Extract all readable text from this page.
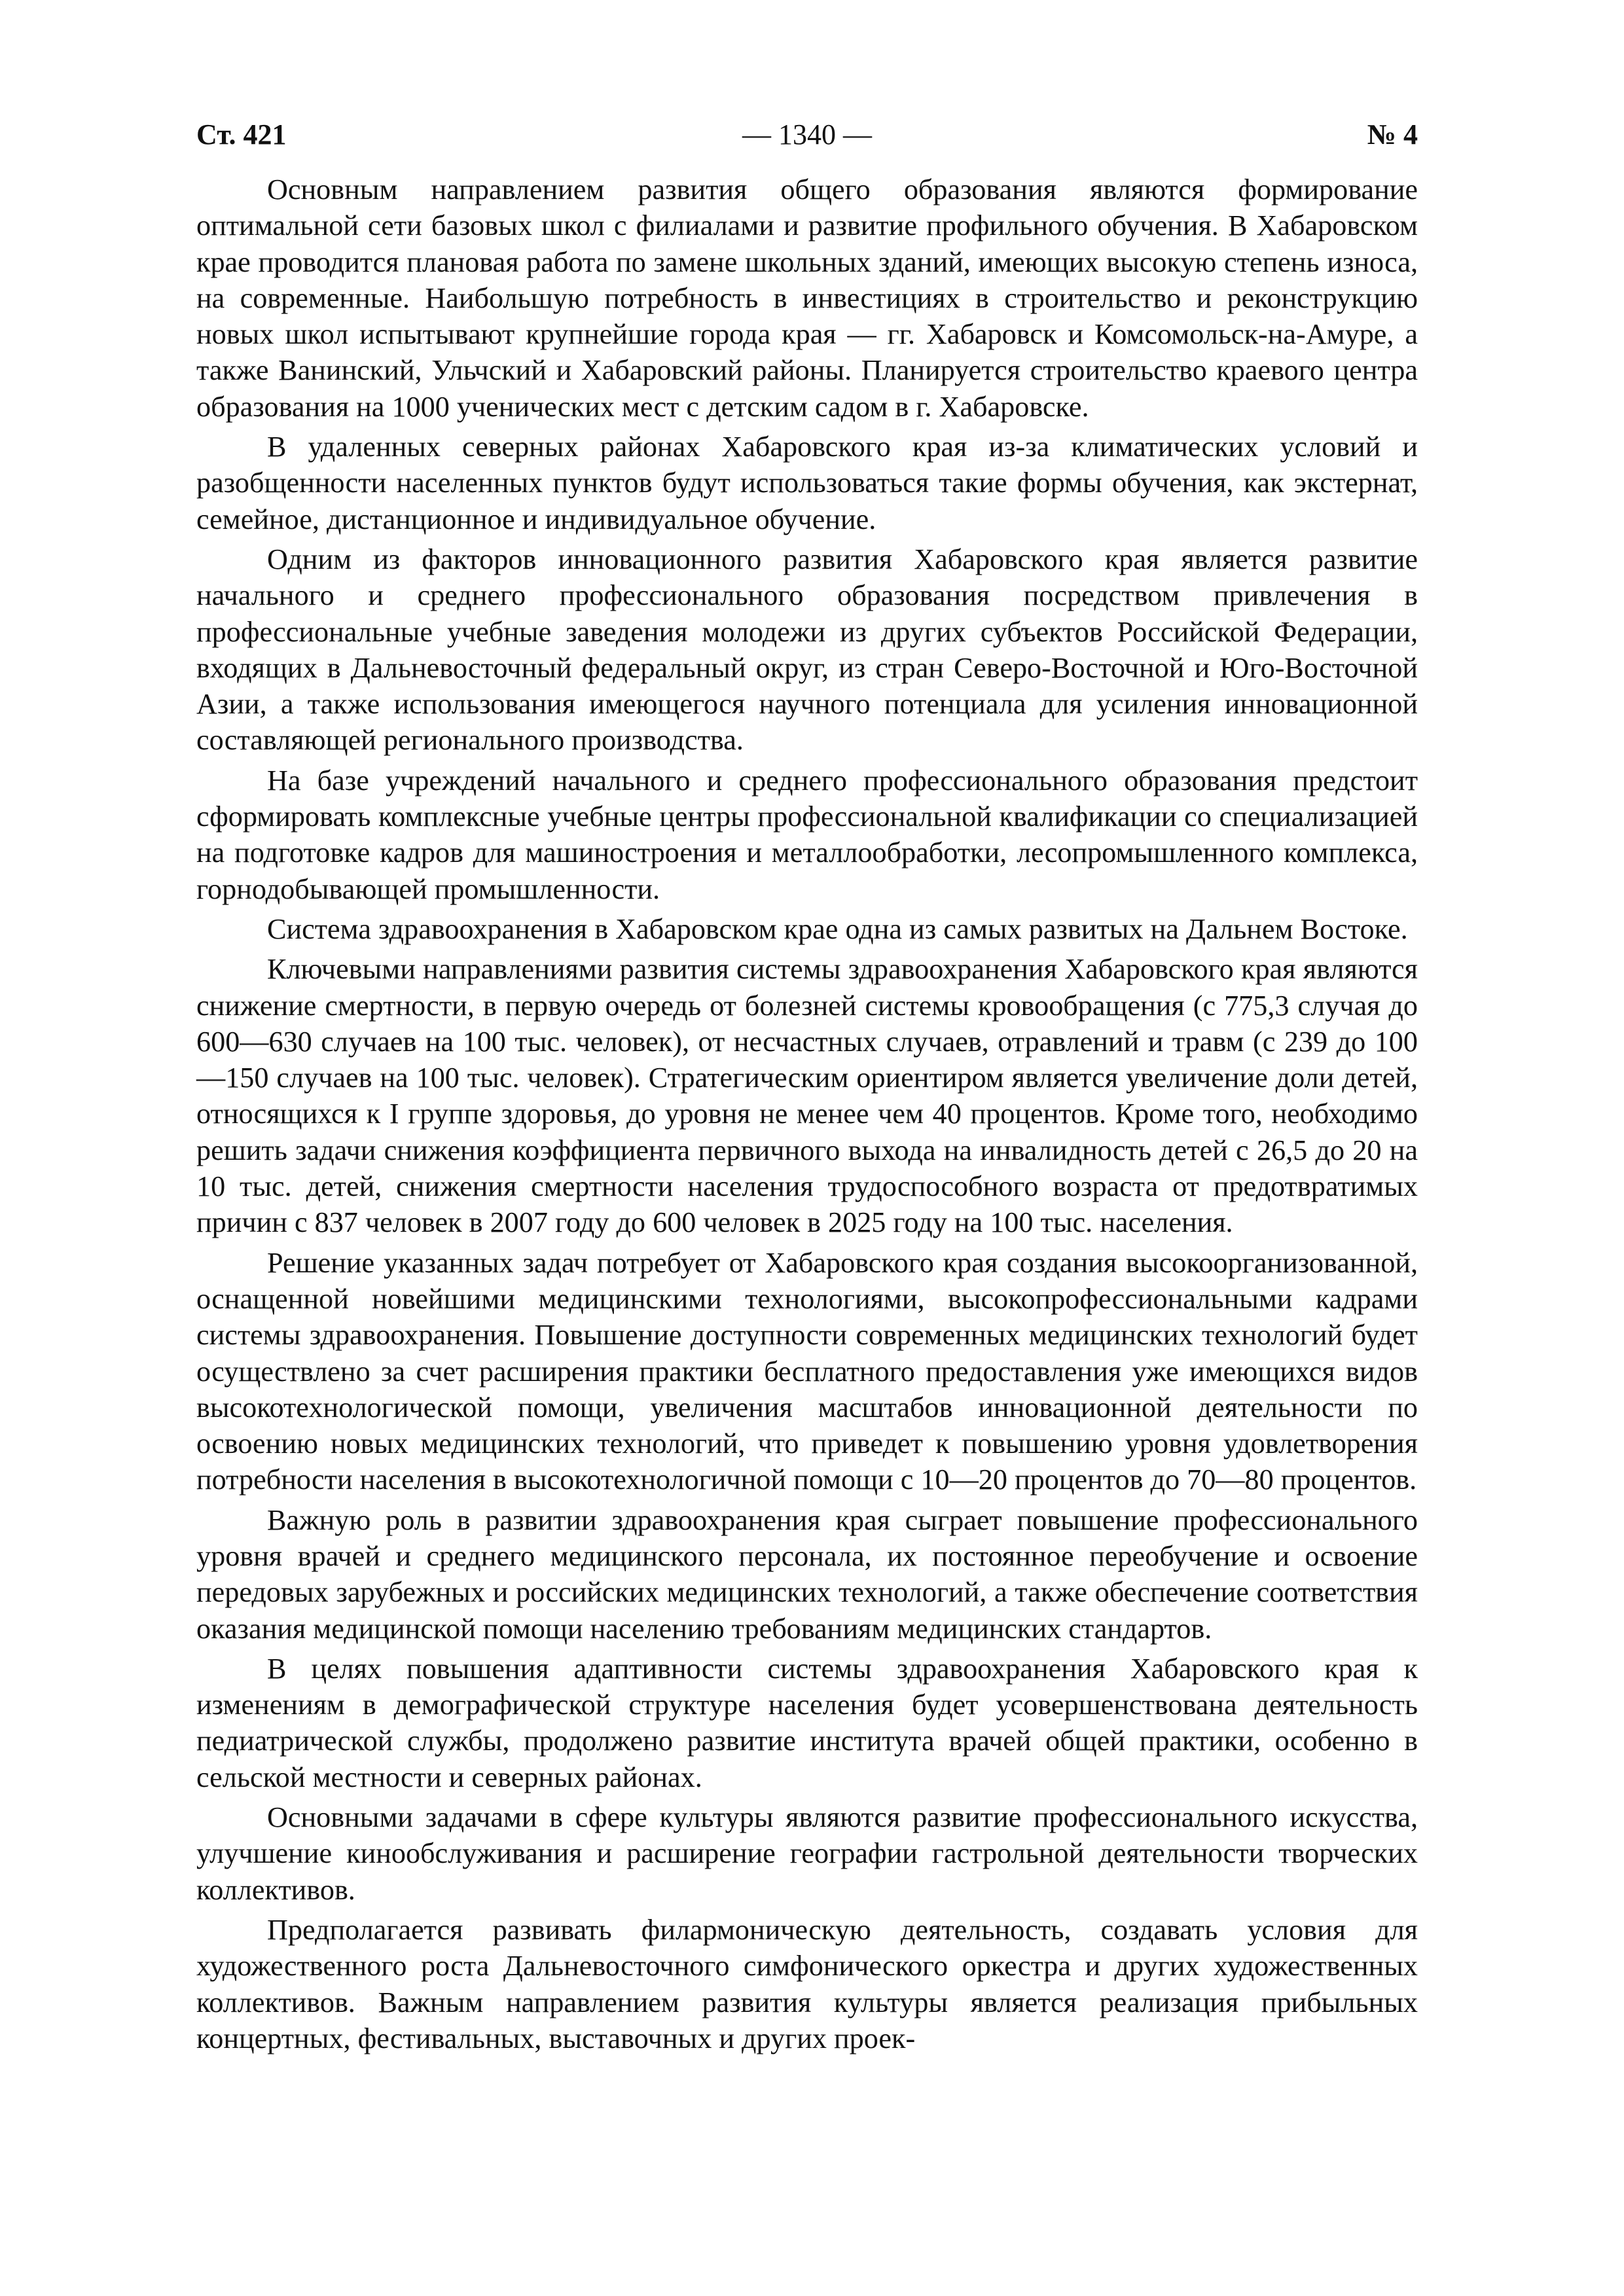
Ст. 421	— 1340 —	№ 4

Основным направлением развития общего образования являются формирование оптимальной сети базовых школ с филиалами и развитие профильного обучения. В Хабаровском крае проводится плановая работа по замене школьных зданий, имеющих высокую степень износа, на современные. Наибольшую потребность в инвестициях в строительство и реконструкцию новых школ испытывают крупнейшие города края — гг. Хабаровск и Комсомольск-на-Амуре, а также Ванинский, Ульчский и Хабаровский районы. Планируется строительство краевого центра образования на 1000 ученических мест с детским садом в г. Хабаровске.

В удаленных северных районах Хабаровского края из-за климатических условий и разобщенности населенных пунктов будут использоваться такие формы обучения, как экстернат, семейное, дистанционное и индивидуальное обучение.

Одним из факторов инновационного развития Хабаровского края является развитие начального и среднего профессионального образования посредством привлечения в профессиональные учебные заведения молодежи из других субъектов Российской Федерации, входящих в Дальневосточный федеральный округ, из стран Северо-Восточной и Юго-Восточной Азии, а также использования имеющегося научного потенциала для усиления инновационной составляющей регионального производства.

На базе учреждений начального и среднего профессионального образования предстоит сформировать комплексные учебные центры профессиональной квалификации со специализацией на подготовке кадров для машиностроения и металлообработки, лесопромышленного комплекса, горнодобывающей промышленности.

Система здравоохранения в Хабаровском крае одна из самых развитых на Дальнем Востоке.

Ключевыми направлениями развития системы здравоохранения Хабаровского края являются снижение смертности, в первую очередь от болезней системы кровообращения (с 775,3 случая до 600—630 случаев на 100 тыс. человек), от несчастных случаев, отравлений и травм (с 239 до 100—150 случаев на 100 тыс. человек). Стратегическим ориентиром является увеличение доли детей, относящихся к I группе здоровья, до уровня не менее чем 40 процентов. Кроме того, необходимо решить задачи снижения коэффициента первичного выхода на инвалидность детей с 26,5 до 20 на 10 тыс. детей, снижения смертности населения трудоспособного возраста от предотвратимых причин с 837 человек в 2007 году до 600 человек в 2025 году на 100 тыс. населения.

Решение указанных задач потребует от Хабаровского края создания высокоорганизованной, оснащенной новейшими медицинскими технологиями, высокопрофессиональными кадрами системы здравоохранения. Повышение доступности современных медицинских технологий будет осуществлено за счет расширения практики бесплатного предоставления уже имеющихся видов высокотехнологической помощи, увеличения масштабов инновационной деятельности по освоению новых медицинских технологий, что приведет к повышению уровня удовлетворения потребности населения в высокотехнологичной помощи с 10—20 процентов до 70—80 процентов.

Важную роль в развитии здравоохранения края сыграет повышение профессионального уровня врачей и среднего медицинского персонала, их постоянное переобучение и освоение передовых зарубежных и российских медицинских технологий, а также обеспечение соответствия оказания медицинской помощи населению требованиям медицинских стандартов.

В целях повышения адаптивности системы здравоохранения Хабаровского края к изменениям в демографической структуре населения будет усовершенствована деятельность педиатрической службы, продолжено развитие института врачей общей практики, особенно в сельской местности и северных районах.

Основными задачами в сфере культуры являются развитие профессионального искусства, улучшение кинообслуживания и расширение географии гастрольной деятельности творческих коллективов.

Предполагается развивать филармоническую деятельность, создавать условия для художественного роста Дальневосточного симфонического оркестра и других художественных коллективов. Важным направлением развития культуры является реализация прибыльных концертных, фестивальных, выставочных и других проек-
